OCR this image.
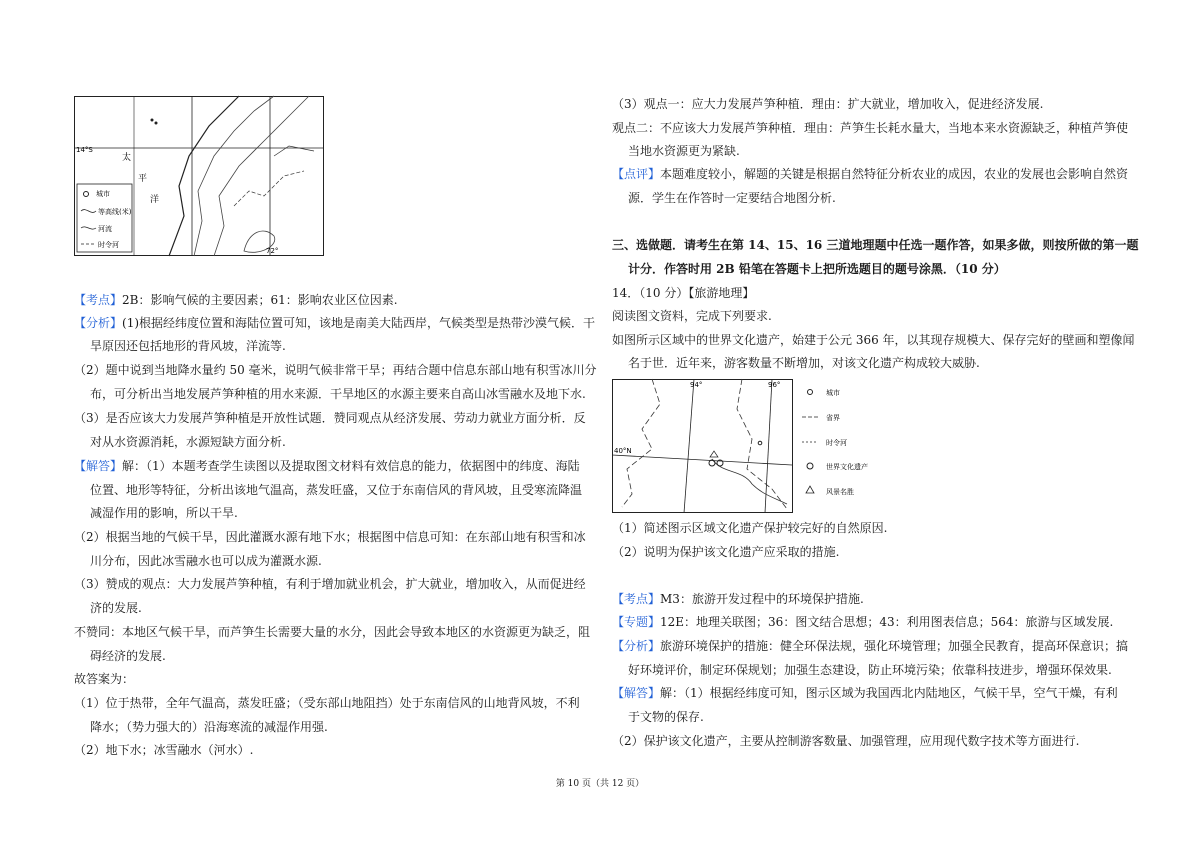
14°S
72°
太
平
洋
城市
等高线(米)
河流
时令河
【考点】2B：影响气候的主要因素；61：影响农业区位因素.
【分析】(1)根据经纬度位置和海陆位置可知，该地是南美大陆西岸，气候类型是热带沙漠气候．干
旱原因还包括地形的背风坡，洋流等.
（2）题中说到当地降水量约 50 毫米，说明气候非常干旱；再结合题中信息东部山地有积雪冰川分
布，可分析出当地发展芦笋种植的用水来源．干旱地区的水源主要来自高山冰雪融水及地下水.
（3）是否应该大力发展芦笋种植是开放性试题．赞同观点从经济发展、劳动力就业方面分析．反
对从水资源消耗，水源短缺方面分析.
【解答】解：（1）本题考查学生读图以及提取图文材料有效信息的能力，依据图中的纬度、海陆
位置、地形等特征，分析出该地气温高，蒸发旺盛，又位于东南信风的背风坡，且受寒流降温
减湿作用的影响，所以干旱.
（2）根据当地的气候干旱，因此灌溉水源有地下水；根据图中信息可知：在东部山地有积雪和冰
川分布，因此冰雪融水也可以成为灌溉水源.
（3）赞成的观点：大力发展芦笋种植，有利于增加就业机会，扩大就业，增加收入，从而促进经
济的发展.
不赞同：本地区气候干旱，而芦笋生长需要大量的水分，因此会导致本地区的水资源更为缺乏，阻
碍经济的发展.
故答案为：
（1）位于热带，全年气温高，蒸发旺盛；（受东部山地阻挡）处于东南信风的山地背风坡，不利
降水；（势力强大的）沿海寒流的减湿作用强.
（2）地下水；冰雪融水（河水）.
（3）观点一：应大力发展芦笋种植．理由：扩大就业，增加收入，促进经济发展.
观点二：不应该大力发展芦笋种植．理由：芦笋生长耗水量大，当地本来水资源缺乏，种植芦笋使
当地水资源更为紧缺.
【点评】本题难度较小，解题的关键是根据自然特征分析农业的成因，农业的发展也会影响自然资
源．学生在作答时一定要结合地图分析.
三、选做题．请考生在第 14、15、16 三道地理题中任选一题作答，如果多做，则按所做的第一题
计分．作答时用 2B 铅笔在答题卡上把所选题目的题号涂黑．（10 分）
14．（10 分）【旅游地理】
阅读图文资料，完成下列要求.
如图所示区域中的世界文化遗产，始建于公元 366 年，以其现存规模大、保存完好的壁画和塑像闻
名于世．近年来，游客数量不断增加，对该文化遗产构成较大威胁.
94°	96°
40°N
城市
省界
时令河
世界文化遗产
风景名胜
（1）简述图示区域文化遗产保护较完好的自然原因.
（2）说明为保护该文化遗产应采取的措施.
【考点】M3：旅游开发过程中的环境保护措施.
【专题】12E：地理关联图；36：图文结合思想；43：利用图表信息；564：旅游与区域发展.
【分析】旅游环境保护的措施：健全环保法规，强化环境管理；加强全民教育，提高环保意识；搞
好环境评价，制定环保规划；加强生态建设，防止环境污染；依靠科技进步，增强环保效果.
【解答】解：（1）根据经纬度可知，图示区域为我国西北内陆地区，气候干旱，空气干燥，有利
于文物的保存.
（2）保护该文化遗产，主要从控制游客数量、加强管理，应用现代数字技术等方面进行.
第 10 页（共 12 页）
